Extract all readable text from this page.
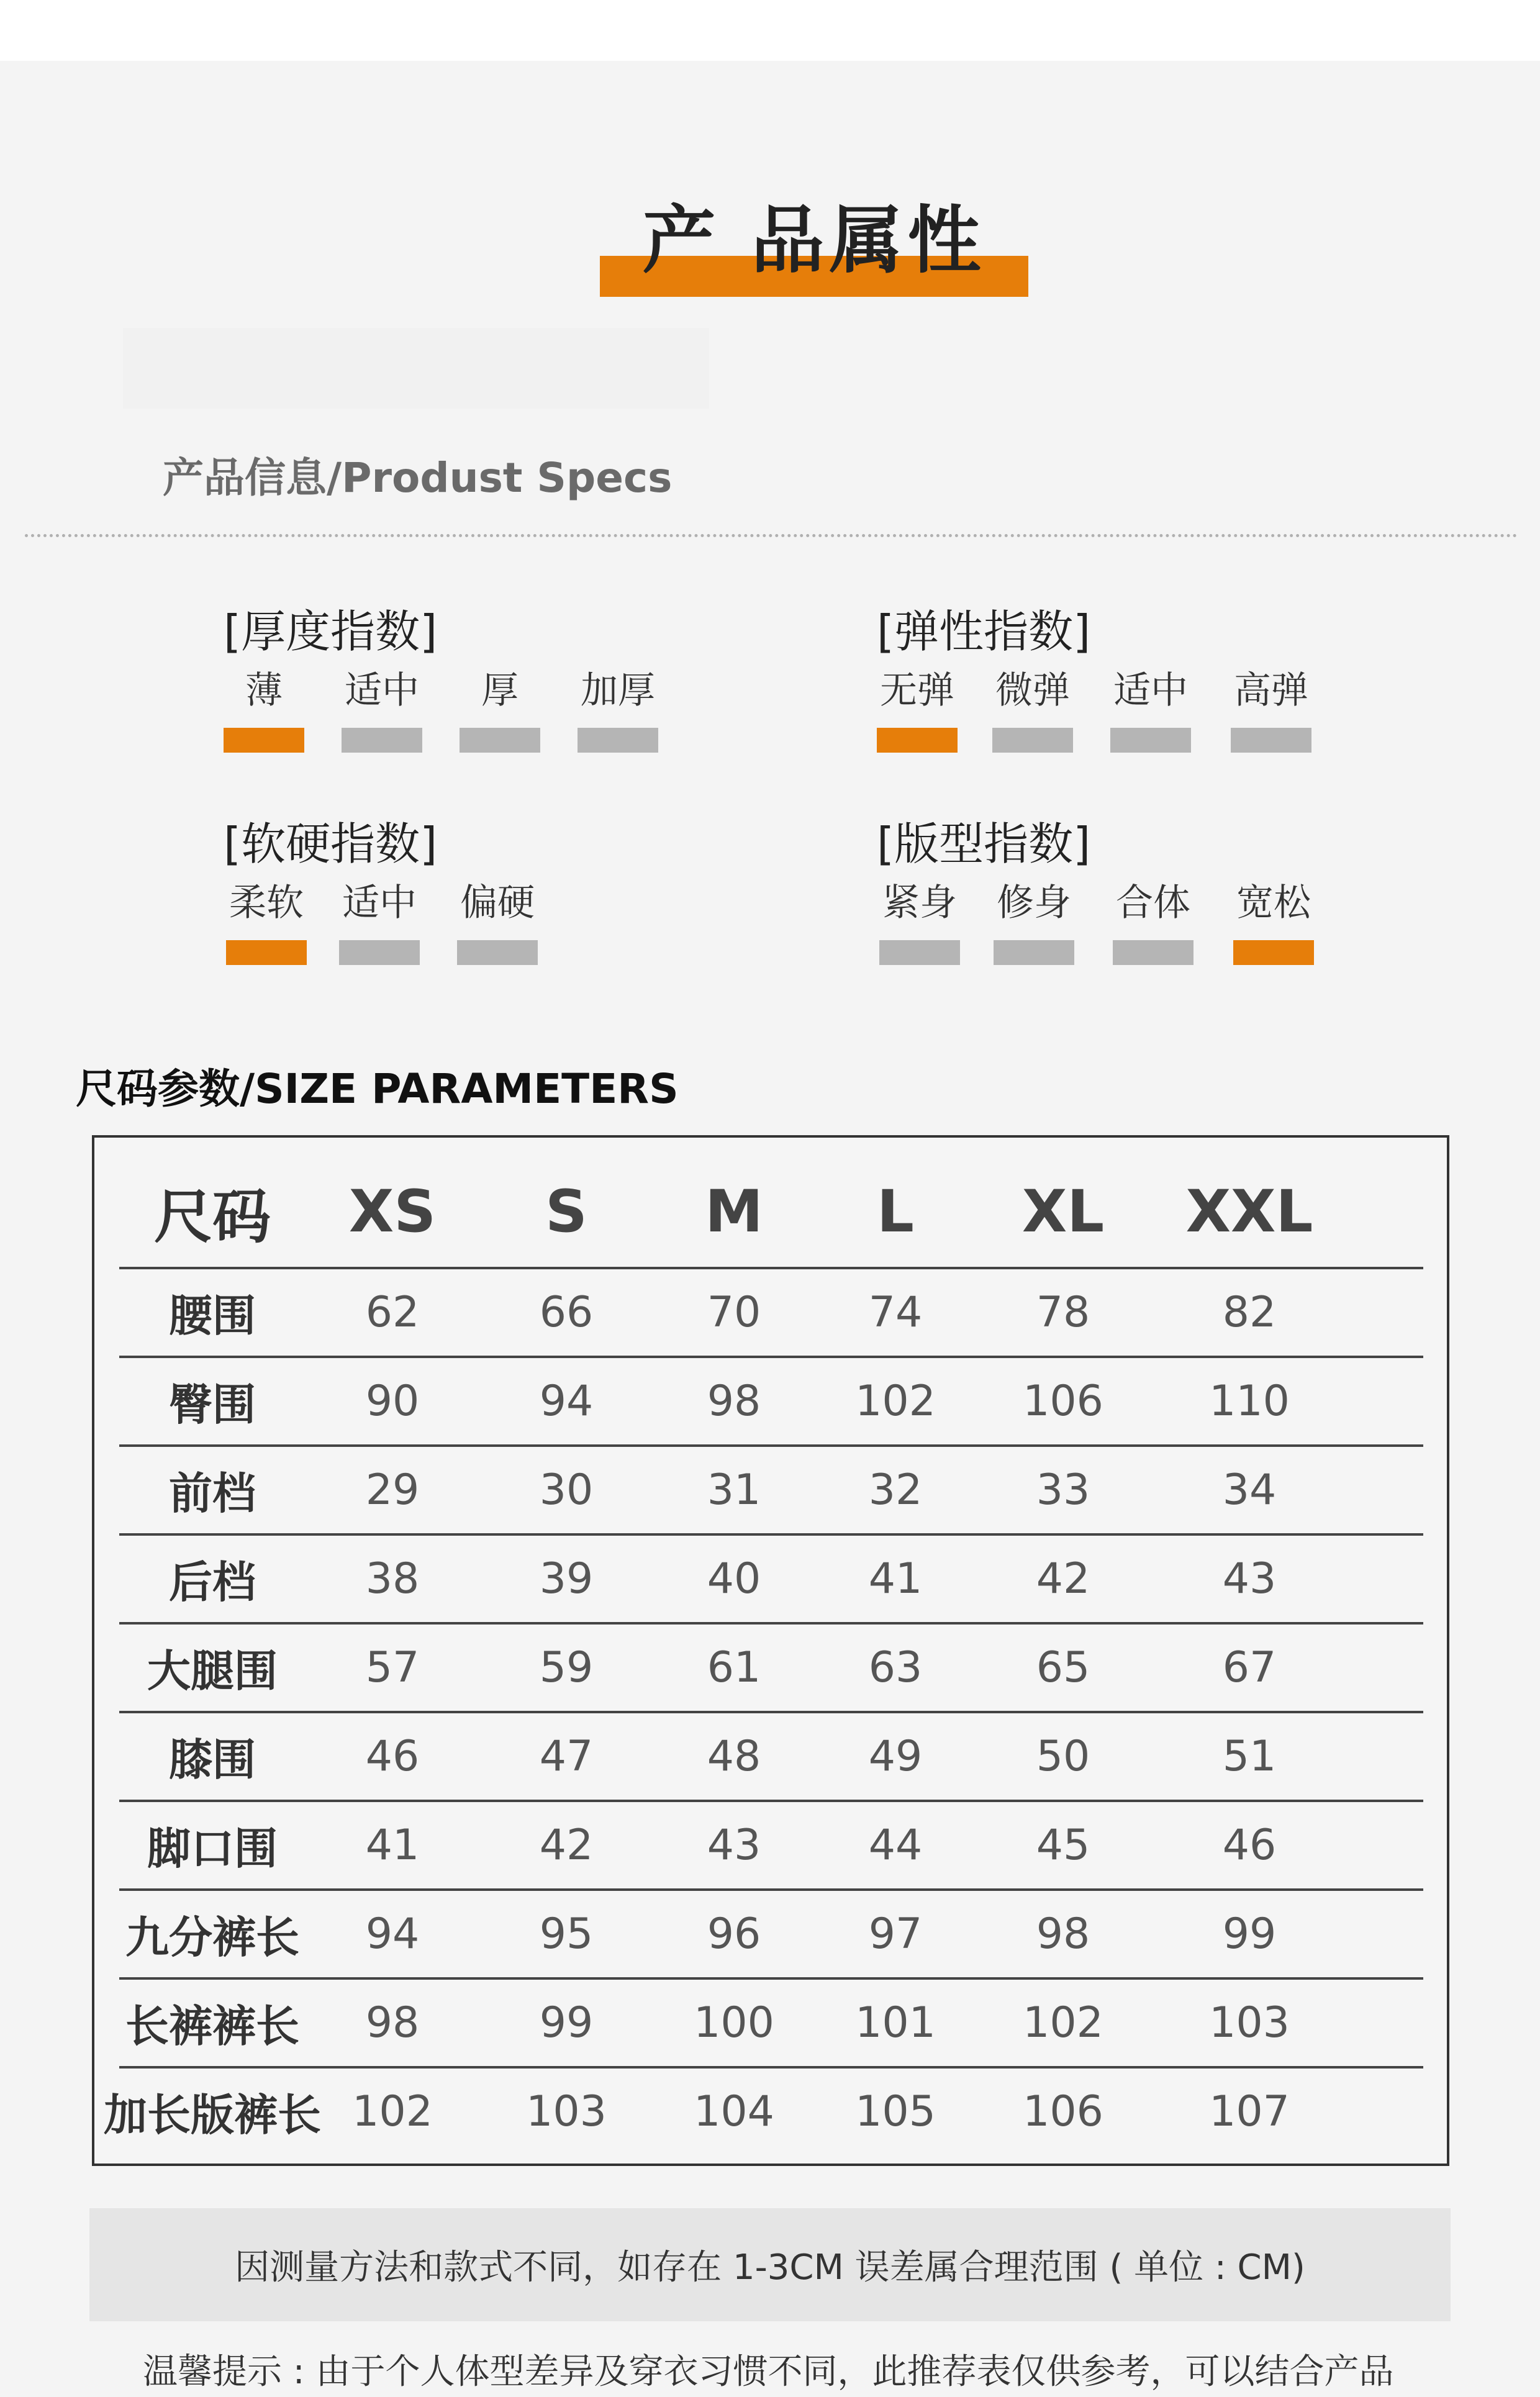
产 品属性
产品信息/Produst Specs
[厚度指数]
薄	适中	厚	加厚
[弹性指数]
无弹 微弹 适中 高弹
[软硬指数]
柔软 适中 偏硬
[版型指数]
紧身 修身 合体 宽松
尺码参数/SIZE PARAMETERS
尺码	XS	S	M	L	XL	XXL
腰围	62	66	70	74	78	82
臀围	90	94	98	102	106	110
前档	29	30	31	32	33	34
后档	38	39	40	41	42	43
大腿围	57	59	61	63	65	67
膝围	46	47	48	49	50	51
脚口围	41	42	43	44	45	46
九分裤长	94	95	96	97	98	99
长裤裤长	98	99	100	101	102	103
加长版裤长 102	103	104	105	106	107
因测量方法和款式不同，如存在 1-3CM 误差属合理范围 ( 单位 : CM)
温馨提示 : 由于个人体型差异及穿衣习惯不同，此推荐表仅供参考，可以结合产品
